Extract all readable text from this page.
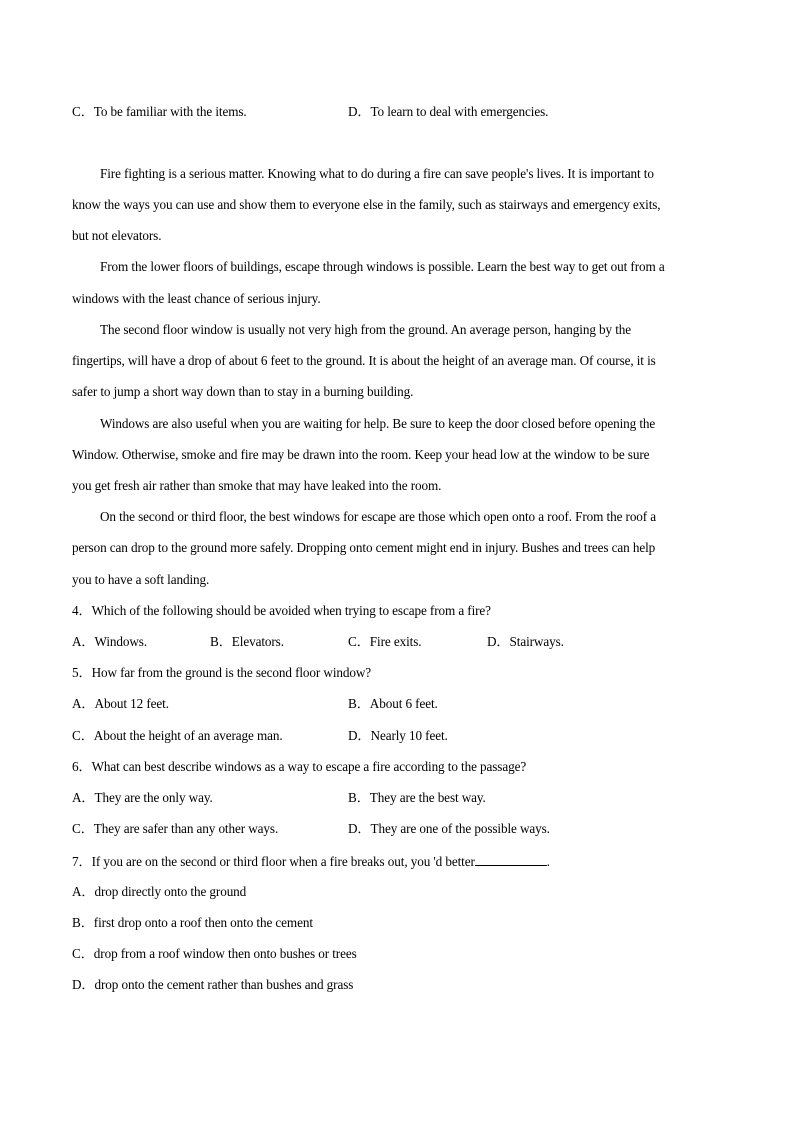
C．To be familiar with the items.	D．To learn to deal with emergencies.
Fire fighting is a serious matter. Knowing what to do during a fire can save people's lives. It is important to
know the ways you can use and show them to everyone else in the family, such as stairways and emergency exits,
but not elevators.
From the lower floors of buildings, escape through windows is possible. Learn the best way to get out from a
windows with the least chance of serious injury.
The second floor window is usually not very high from the ground. An average person, hanging by the
fingertips, will have a drop of about 6 feet to the ground. It is about the height of an average man. Of course, it is
safer to jump a short way down than to stay in a burning building.
Windows are also useful when you are waiting for help. Be sure to keep the door closed before opening the
Window. Otherwise, smoke and fire may be drawn into the room. Keep your head low at the window to be sure
you get fresh air rather than smoke that may have leaked into the room.
On the second or third floor, the best windows for escape are those which open onto a roof. From the roof a
person can drop to the ground more safely. Dropping onto cement might end in injury. Bushes and trees can help
you to have a soft landing.
4．Which of the following should be avoided when trying to escape from a fire?
A．Windows.	B．Elevators.	C．Fire exits.	D．Stairways.
5．How far from the ground is the second floor window?
A．About 12 feet.	B．About 6 feet.
C．About the height of an average man.	D．Nearly 10 feet.
6．What can best describe windows as a way to escape a fire according to the passage?
A．They are the only way.	B．They are the best way.
C．They are safer than any other ways.	D．They are one of the possible ways.
7．If you are on the second or third floor when a fire breaks out, you 'd better	.
A．drop directly onto the ground
B．first drop onto a roof then onto the cement
C．drop from a roof window then onto bushes or trees
D．drop onto the cement rather than bushes and grass
